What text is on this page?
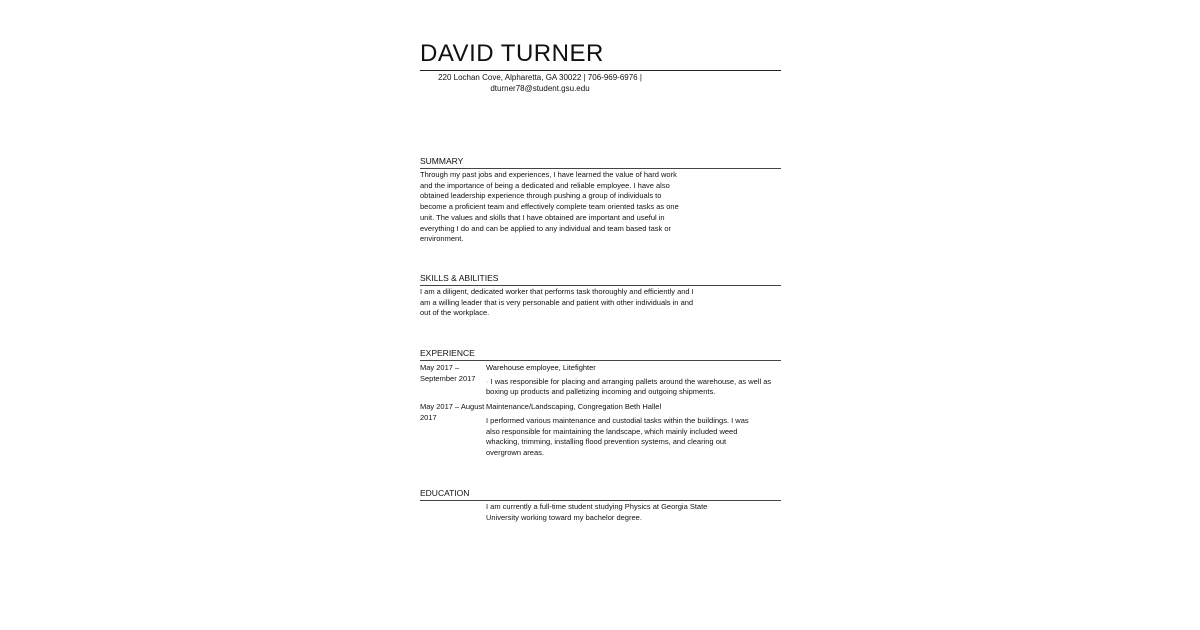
DAVID TURNER
220 Lochan Cove, Alpharetta, GA 30022 | 706-969-6976 |
dturner78@student.gsu.edu
SUMMARY

Through my past jobs and experiences, I have learned the value of hard work and the importance of being a dedicated and reliable employee. I have also obtained leadership experience through pushing a group of individuals to become a proficient team and effectively complete team oriented tasks as one unit. The values and skills that I have obtained are important and useful in everything I do and can be applied to any individual and team based task or environment.

SKILLS & ABILITIES

I am a diligent, dedicated worker that performs task thoroughly and efficiently and I am a willing leader that is very personable and patient with other individuals in and out of the workplace.

EXPERIENCE
May 2017 – September 2017
Warehouse employee, Litefighter
· I was responsible for placing and arranging pallets around the warehouse, as well as boxing up products and palletizing incoming and outgoing shipments.
May 2017 – August 2017
Maintenance/Landscaping, Congregation Beth Hallel
I performed various maintenance and custodial tasks within the buildings. I was also responsible for maintaining the landscape, which mainly included weed whacking, trimming, installing flood prevention systems, and clearing out overgrown areas.
EDUCATION

I am currently a full-time student studying Physics at Georgia State University working toward my bachelor degree.
